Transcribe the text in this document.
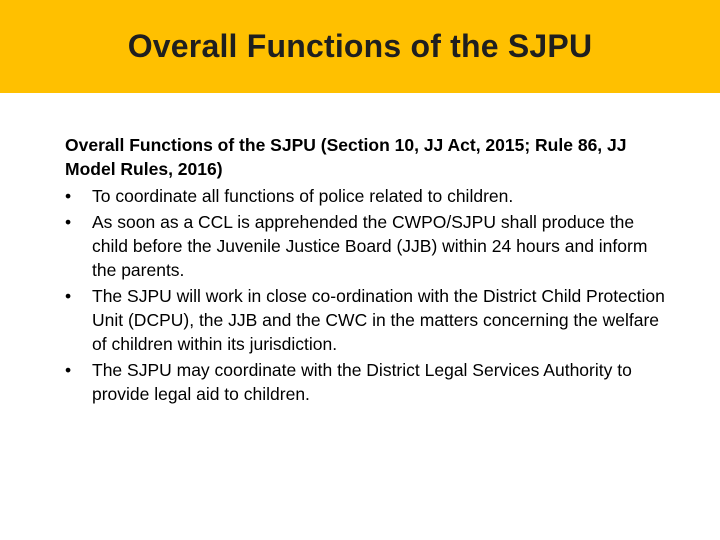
Overall Functions of the SJPU

Overall Functions of the SJPU (Section 10, JJ Act, 2015; Rule 86, JJ Model Rules, 2016)

• To coordinate all functions of police related to children.
• As soon as a CCL is apprehended the CWPO/SJPU shall produce the child before the Juvenile Justice Board (JJB) within 24 hours and inform the parents.
• The SJPU will work in close co-ordination with the District Child Protection Unit (DCPU), the JJB and the CWC in the matters concerning the welfare of children within its jurisdiction.
• The SJPU may coordinate with the District Legal Services Authority to provide legal aid to children.
